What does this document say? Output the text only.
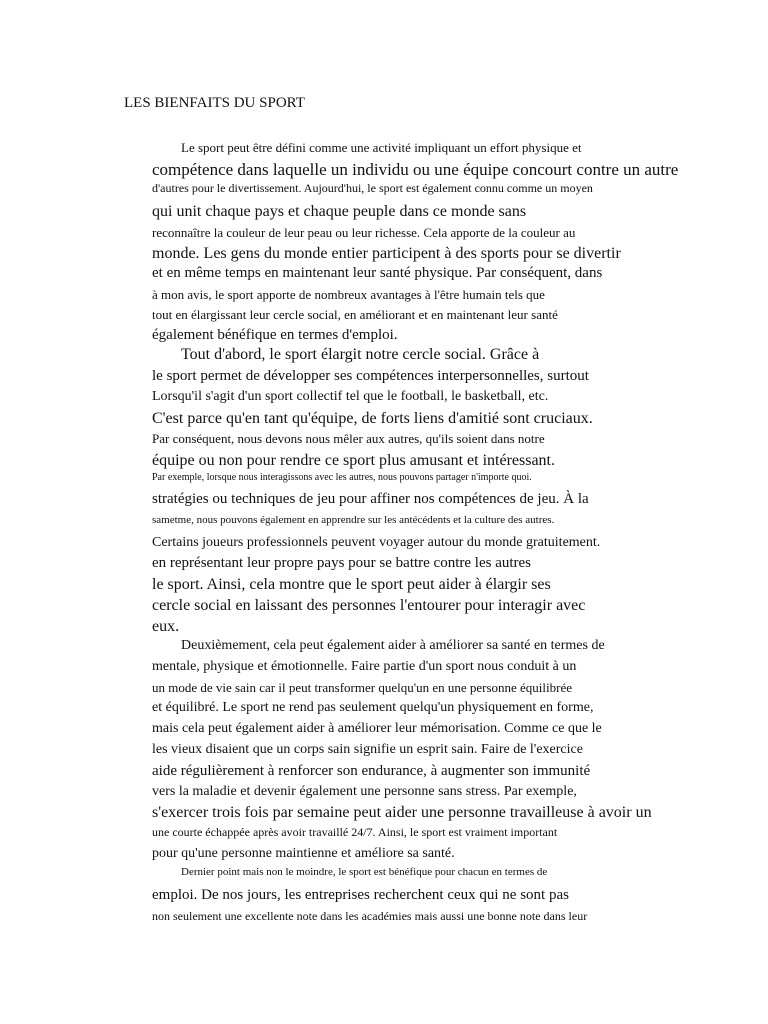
LES BIENFAITS DU SPORT
Le sport peut être défini comme une activité impliquant un effort physique et
compétence dans laquelle un individu ou une équipe concourt contre un autre
d'autres pour le divertissement. Aujourd'hui, le sport est également connu comme un moyen
qui unit chaque pays et chaque peuple dans ce monde sans
reconnaître la couleur de leur peau ou leur richesse. Cela apporte de la couleur au
monde. Les gens du monde entier participent à des sports pour se divertir
et en même temps en maintenant leur santé physique. Par conséquent, dans
à mon avis, le sport apporte de nombreux avantages à l'être humain tels que
tout en élargissant leur cercle social, en améliorant et en maintenant leur santé
également bénéfique en termes d'emploi.
Tout d'abord, le sport élargit notre cercle social. Grâce à
le sport permet de développer ses compétences interpersonnelles, surtout
Lorsqu'il s'agit d'un sport collectif tel que le football, le basketball, etc.
C'est parce qu'en tant qu'équipe, de forts liens d'amitié sont cruciaux.
Par conséquent, nous devons nous mêler aux autres, qu'ils soient dans notre
équipe ou non pour rendre ce sport plus amusant et intéressant.
Par exemple, lorsque nous interagissons avec les autres, nous pouvons partager n'importe quoi.
stratégies ou techniques de jeu pour affiner nos compétences de jeu. À la
sametme, nous pouvons également en apprendre sur les antécédents et la culture des autres.
Certains joueurs professionnels peuvent voyager autour du monde gratuitement.
en représentant leur propre pays pour se battre contre les autres
le sport. Ainsi, cela montre que le sport peut aider à élargir ses
cercle social en laissant des personnes l'entourer pour interagir avec
eux.
Deuxièmement, cela peut également aider à améliorer sa santé en termes de
mentale, physique et émotionnelle. Faire partie d'un sport nous conduit à un
un mode de vie sain car il peut transformer quelqu'un en une personne équilibrée
et équilibré. Le sport ne rend pas seulement quelqu'un physiquement en forme,
mais cela peut également aider à améliorer leur mémorisation. Comme ce que le
les vieux disaient que un corps sain signifie un esprit sain. Faire de l'exercice
aide régulièrement à renforcer son endurance, à augmenter son immunité
vers la maladie et devenir également une personne sans stress. Par exemple,
s'exercer trois fois par semaine peut aider une personne travailleuse à avoir un
une courte échappée après avoir travaillé 24/7. Ainsi, le sport est vraiment important
pour qu'une personne maintienne et améliore sa santé.
Dernier point mais non le moindre, le sport est bénéfique pour chacun en termes de
emploi. De nos jours, les entreprises recherchent ceux qui ne sont pas
non seulement une excellente note dans les académies mais aussi une bonne note dans leur
